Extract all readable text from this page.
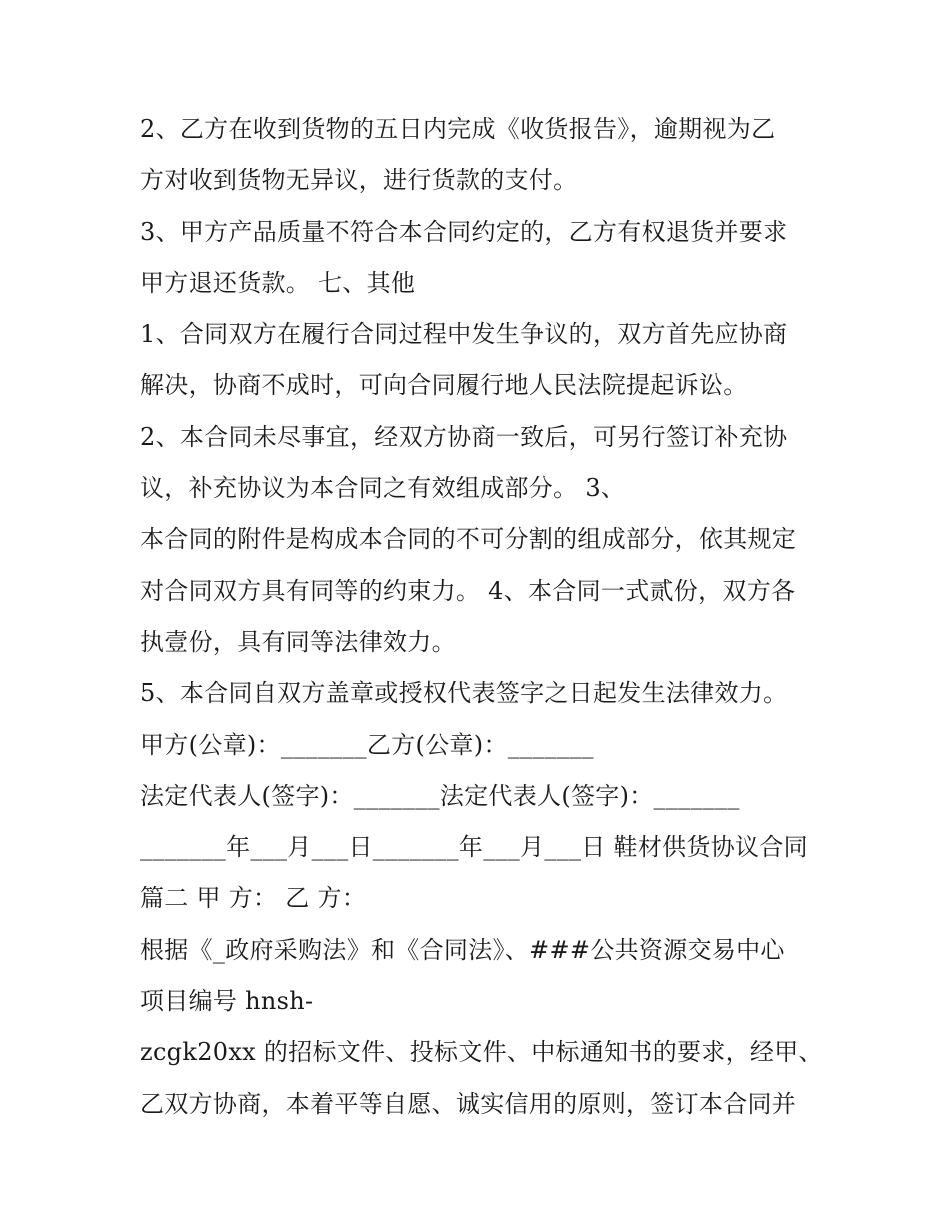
2、乙方在收到货物的五日内完成《收货报告》，逾期视为乙
方对收到货物无异议，进行货款的支付。
3、甲方产品质量不符合本合同约定的，乙方有权退货并要求
甲方退还货款。 七、其他
1、合同双方在履行合同过程中发生争议的，双方首先应协商
解决，协商不成时，可向合同履行地人民法院提起诉讼。
2、本合同未尽事宜，经双方协商一致后，可另行签订补充协
议，补充协议为本合同之有效组成部分。 3、
本合同的附件是构成本合同的不可分割的组成部分，依其规定
对合同双方具有同等的约束力。 4、本合同一式贰份，双方各
执壹份，具有同等法律效力。
5、本合同自双方盖章或授权代表签字之日起发生法律效力。
甲方(公章)：_______乙方(公章)：_______
法定代表人(签字)：_______法定代表人(签字)：_______
_______年___月___日_______年___月___日 鞋材供货协议合同
篇二 甲 方： 乙 方：
根据《_政府采购法》和《合同法》、###公共资源交易中心
项目编号 hnsh-
zcgk20xx 的招标文件、投标文件、中标通知书的要求，经甲、
乙双方协商，本着平等自愿、诚实信用的原则，签订本合同并
